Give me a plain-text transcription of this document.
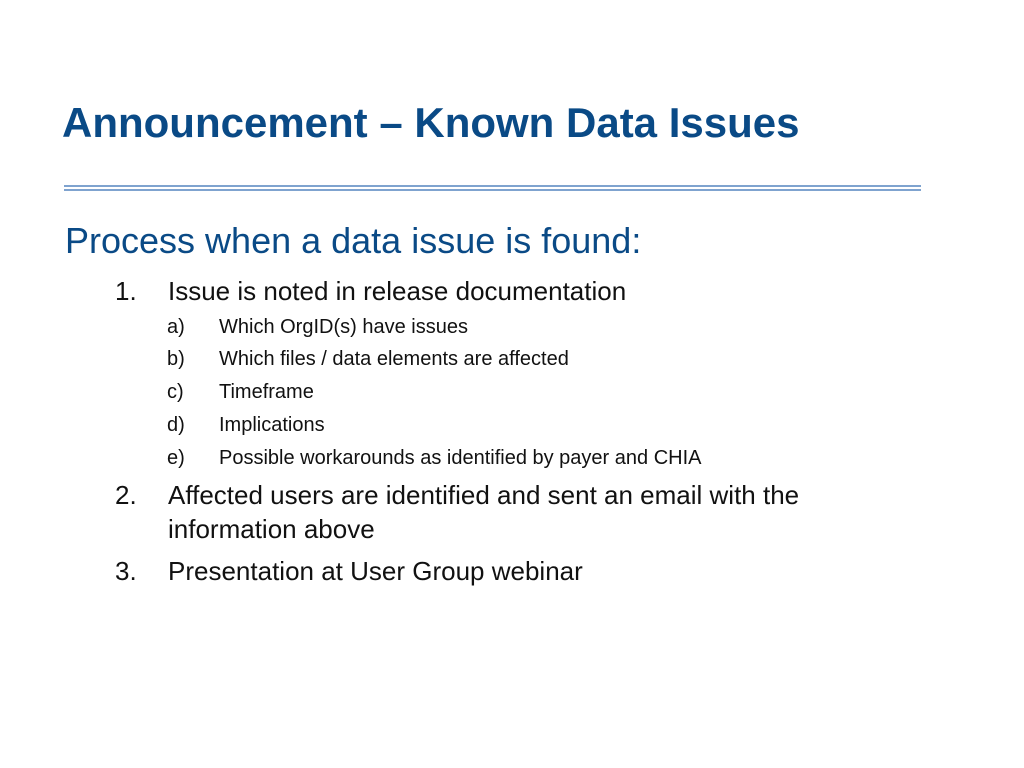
Announcement – Known Data Issues

Process when a data issue is found:

1. Issue is noted in release documentation
a) Which OrgID(s) have issues
b) Which files / data elements are affected
c) Timeframe
d) Implications
e) Possible workarounds as identified by payer and CHIA
2. Affected users are identified and sent an email with the
information above
3. Presentation at User Group webinar
